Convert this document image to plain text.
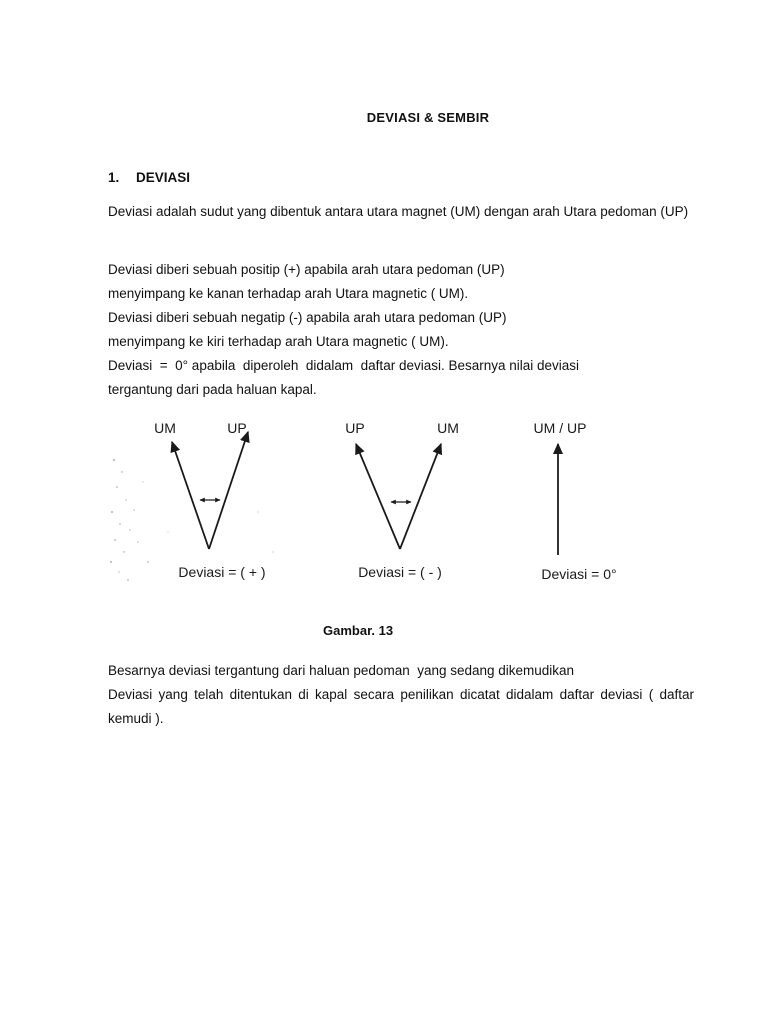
DEVIASI & SEMBIR
1. DEVIASI
Deviasi adalah sudut yang dibentuk antara utara magnet (UM) dengan arah Utara pedoman (UP)
Deviasi diberi sebuah positip (+) apabila arah utara pedoman (UP)
menyimpang ke kanan terhadap arah Utara magnetic ( UM).
Deviasi diberi sebuah negatip (-) apabila arah utara pedoman (UP)
menyimpang ke kiri terhadap arah Utara magnetic ( UM).
Deviasi  =  0° apabila  diperoleh  didalam  daftar deviasi. Besarnya nilai deviasi
tergantung dari pada haluan kapal.
UM	UP
Deviasi = ( + )
UP	UM
Deviasi = ( - )
UM / UP
Deviasi = 0°
Gambar. 13
Besarnya deviasi tergantung dari haluan pedoman  yang sedang dikemudikan
Deviasi yang telah ditentukan di kapal secara penilikan dicatat didalam daftar deviasi ( daftar kemudi ).
